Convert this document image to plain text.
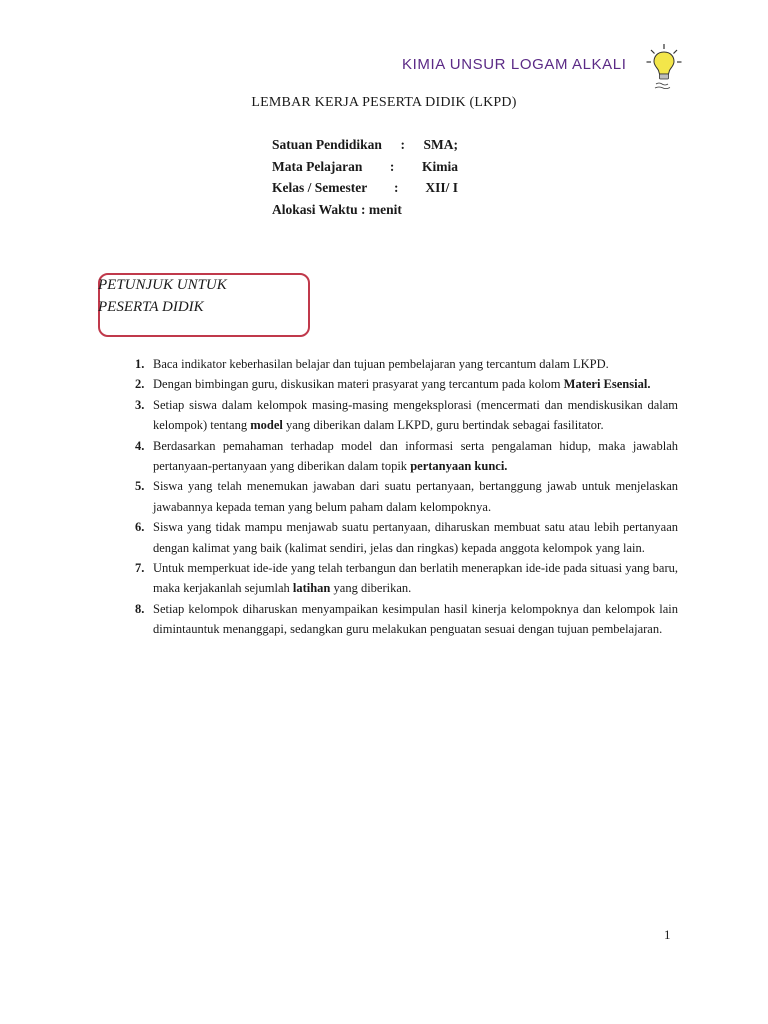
KIMIA UNSUR LOGAM ALKALI
LEMBAR KERJA PESERTA DIDIK (LKPD)
Satuan Pendidikan : SMA;
Mata Pelajaran : Kimia
Kelas / Semester : XII/ I
Alokasi Waktu : menit
PETUNJUK UNTUK PESERTA DIDIK
1. Baca indikator keberhasilan belajar dan tujuan pembelajaran yang tercantum dalam LKPD.
2. Dengan bimbingan guru, diskusikan materi prasyarat yang tercantum pada kolom Materi Esensial.
3. Setiap siswa dalam kelompok masing-masing mengeksplorasi (mencermati dan mendiskusikan dalam kelompok) tentang model yang diberikan dalam LKPD, guru bertindak sebagai fasilitator.
4. Berdasarkan pemahaman terhadap model dan informasi serta pengalaman hidup, maka jawablah pertanyaan-pertanyaan yang diberikan dalam topik pertanyaan kunci.
5. Siswa yang telah menemukan jawaban dari suatu pertanyaan, bertanggung jawab untuk menjelaskan jawabannya kepada teman yang belum paham dalam kelompoknya.
6. Siswa yang tidak mampu menjawab suatu pertanyaan, diharuskan membuat satu atau lebih pertanyaan dengan kalimat yang baik (kalimat sendiri, jelas dan ringkas) kepada anggota kelompok yang lain.
7. Untuk memperkuat ide-ide yang telah terbangun dan berlatih menerapkan ide-ide pada situasi yang baru, maka kerjakanlah sejumlah latihan yang diberikan.
8. Setiap kelompok diharuskan menyampaikan kesimpulan hasil kinerja kelompoknya dan kelompok lain dimintauntuk menanggapi, sedangkan guru melakukan penguatan sesuai dengan tujuan pembelajaran.
1
